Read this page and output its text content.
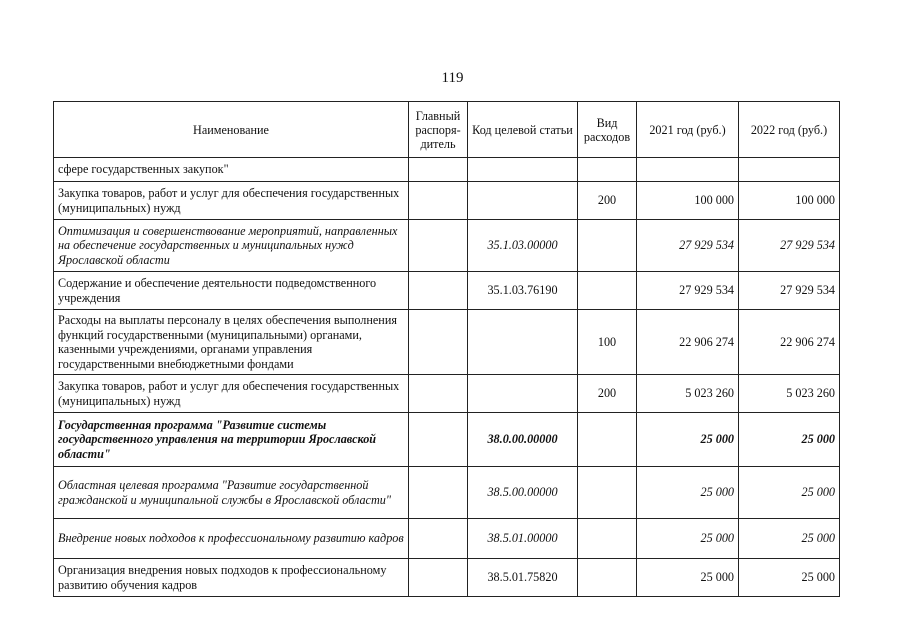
119
Наименование	Главный распоря- дитель	Код целевой статьи	Вид расходов	2021 год (руб.)	2022 год (руб.)
сфере государственных закупок"					
Закупка товаров, работ и услуг для обеспечения государственных (муниципальных) нужд			200	100 000	100 000
Оптимизация и совершенствование мероприятий, направленных на обеспечение государственных и муниципальных нужд Ярославской области		35.1.03.00000		27 929 534	27 929 534
Содержание и обеспечение деятельности подведомственного учреждения		35.1.03.76190		27 929 534	27 929 534
Расходы на выплаты персоналу в целях обеспечения выполнения функций государственными (муниципальными) органами, казенными учреждениями, органами управления государственными внебюджетными фондами			100	22 906 274	22 906 274
Закупка товаров, работ и услуг для обеспечения государственных (муниципальных) нужд			200	5 023 260	5 023 260
Государственная программа "Развитие системы государственного управления на территории Ярославской области"		38.0.00.00000		25 000	25 000
Областная целевая программа "Развитие государственной гражданской и муниципальной службы в Ярославской области"		38.5.00.00000		25 000	25 000
Внедрение новых подходов к профессиональному развитию кадров		38.5.01.00000		25 000	25 000
Организация внедрения новых подходов к профессиональному развитию обучения кадров		38.5.01.75820		25 000	25 000
